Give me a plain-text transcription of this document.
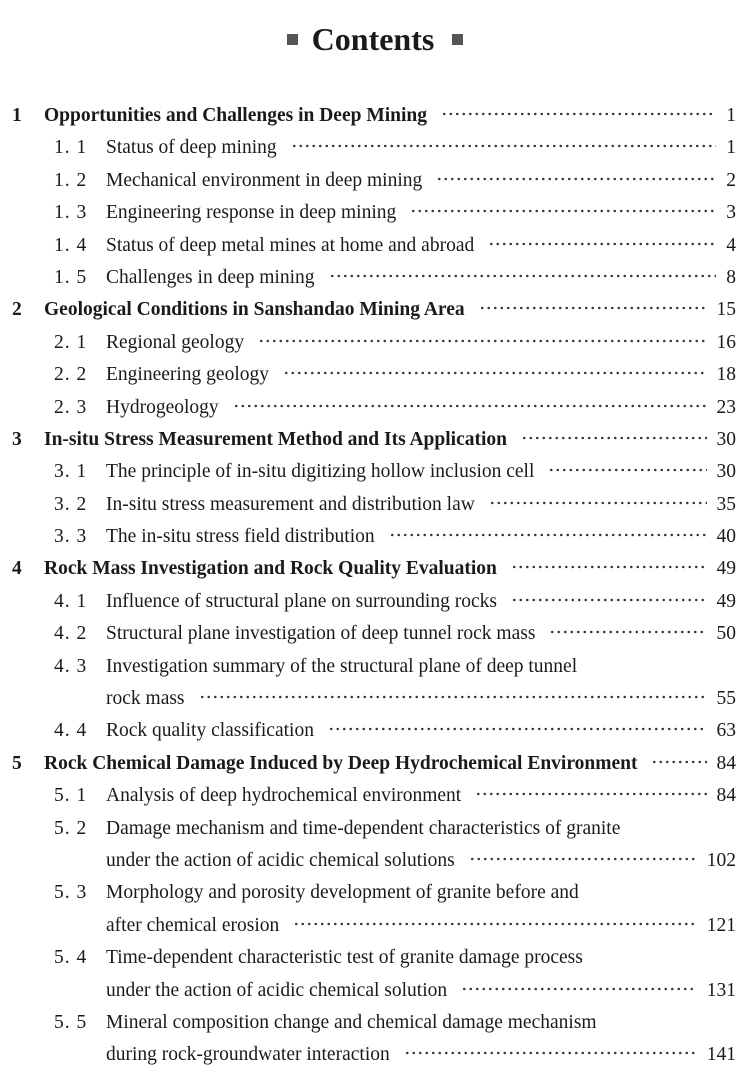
Contents
1 Opportunities and Challenges in Deep Mining	1
1. 1 Status of deep mining	1
1. 2 Mechanical environment in deep mining	2
1. 3 Engineering response in deep mining	3
1. 4 Status of deep metal mines at home and abroad	4
1. 5 Challenges in deep mining	8
2 Geological Conditions in Sanshandao Mining Area	15
2. 1 Regional geology	16
2. 2 Engineering geology	18
2. 3 Hydrogeology	23
3 In-situ Stress Measurement Method and Its Application	30
3. 1 The principle of in-situ digitizing hollow inclusion cell	30
3. 2 In-situ stress measurement and distribution law	35
3. 3 The in-situ stress field distribution	40
4 Rock Mass Investigation and Rock Quality Evaluation	49
4. 1 Influence of structural plane on surrounding rocks	49
4. 2 Structural plane investigation of deep tunnel rock mass	50
4. 3 Investigation summary of the structural plane of deep tunnel
rock mass	55
4. 4 Rock quality classification	63
5 Rock Chemical Damage Induced by Deep Hydrochemical Environment	84
5. 1 Analysis of deep hydrochemical environment	84
5. 2 Damage mechanism and time-dependent characteristics of granite
under the action of acidic chemical solutions	102
5. 3 Morphology and porosity development of granite before and
after chemical erosion	121
5. 4 Time-dependent characteristic test of granite damage process
under the action of acidic chemical solution	131
5. 5 Mineral composition change and chemical damage mechanism
during rock-groundwater interaction	141
